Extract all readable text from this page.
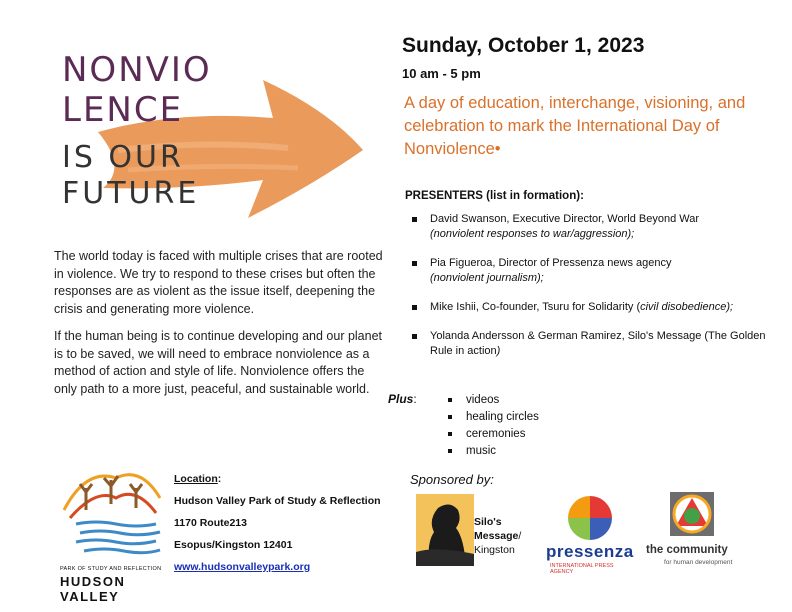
NONVIO
LENCE
IS OUR
FUTURE
Sunday, October 1, 2023
10 am - 5 pm
A day of education, interchange, visioning, and celebration to mark the International Day of Nonviolence•
PRESENTERS (list in formation):
David Swanson, Executive Director, World Beyond War
(nonviolent responses to war/aggression);
Pia Figueroa, Director of Pressenza news agency
(nonviolent journalism);
Mike Ishii, Co-founder, Tsuru for Solidarity (civil disobedience);
Yolanda Andersson & German Ramirez, Silo's Message (The Golden Rule in action)
Plus:	videos
healing circles
ceremonies
music

The world today is faced with multiple crises that are rooted in violence. We try to respond to these crises but often the responses are as violent as the issue itself, deepening the crisis and generating more violence.

If the human being is to continue developing and our planet is to be saved, we will need to embrace nonviolence as a method of action and style of life. Nonviolence offers the only path to a more just, peaceful, and sustainable world.

PARK OF STUDY AND REFLECTION
HUDSON VALLEY
Location:
Hudson Valley Park of Study & Reflection
1170 Route213
Esopus/Kingston 12401
www.hudsonvalleypark.org
Sponsored by:
Silo's
Message/
Kingston pressenza
INTERNATIONAL PRESS AGENCY
the community
for human development
